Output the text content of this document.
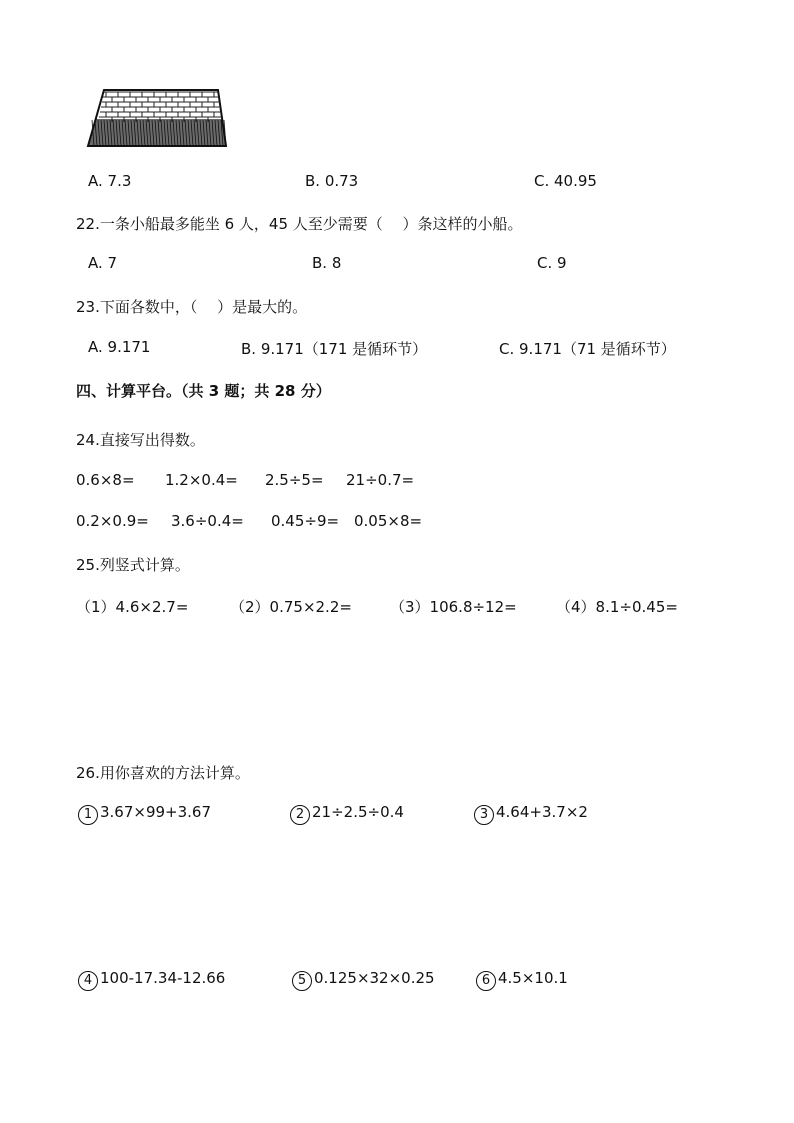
A. 7.3	B. 0.73	C. 40.95
22.一条小船最多能坐 6 人，45 人至少需要（　 ）条这样的小船。
A. 7	B. 8	C. 9
23.下面各数中，（　 ）是最大的。
A. 9.171	B. 9.171（171 是循环节）	C. 9.171（71 是循环节）
四、计算平台。（共 3 题；共 28 分）
24.直接写出得数。
0.6×8= 1.2×0.4= 2.5÷5= 21÷0.7=
0.2×0.9= 3.6÷0.4= 0.45÷9= 0.05×8=
25.列竖式计算。
（1）4.6×2.7=	（2）0.75×2.2=	（3）106.8÷12=	（4）8.1÷0.45=
26.用你喜欢的方法计算。
1 3.67×99+3.67	2 21÷2.5÷0.4	3 4.64+3.7×2
4 100-17.34-12.66	5 0.125×32×0.25	6 4.5×10.1
